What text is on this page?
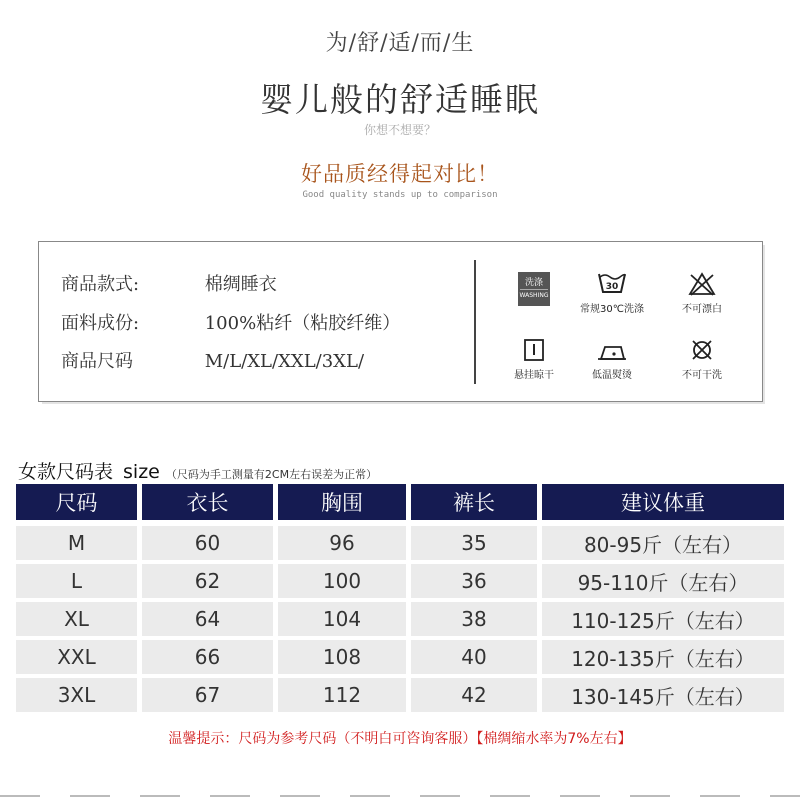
为/舒/适/而/生
婴儿般的舒适睡眠
你想不想要？
好品质经得起对比！
Good quality stands up to comparison
商品款式:	棉绸睡衣
面料成份:	100%粘纤（粘胶纤维）
商品尺码	M/L/XL/XXL/3XL/
洗涤
WASHING
30
常规30℃洗涤	不可漂白
悬挂晾干	低温熨烫	不可干洗
女款尺码表 size （尺码为手工测量有2CM左右误差为正常）
尺码	衣长	胸围	裤长	建议体重
M	60	96	35	80-95斤（左右）
L	62	100	36	95-110斤（左右）
XL	64	104	38	110-125斤（左右）
XXL	66	108	40	120-135斤（左右）
3XL	67	112	42	130-145斤（左右）
温馨提示：尺码为参考尺码（不明白可咨询客服）【棉绸缩水率为7%左右】
